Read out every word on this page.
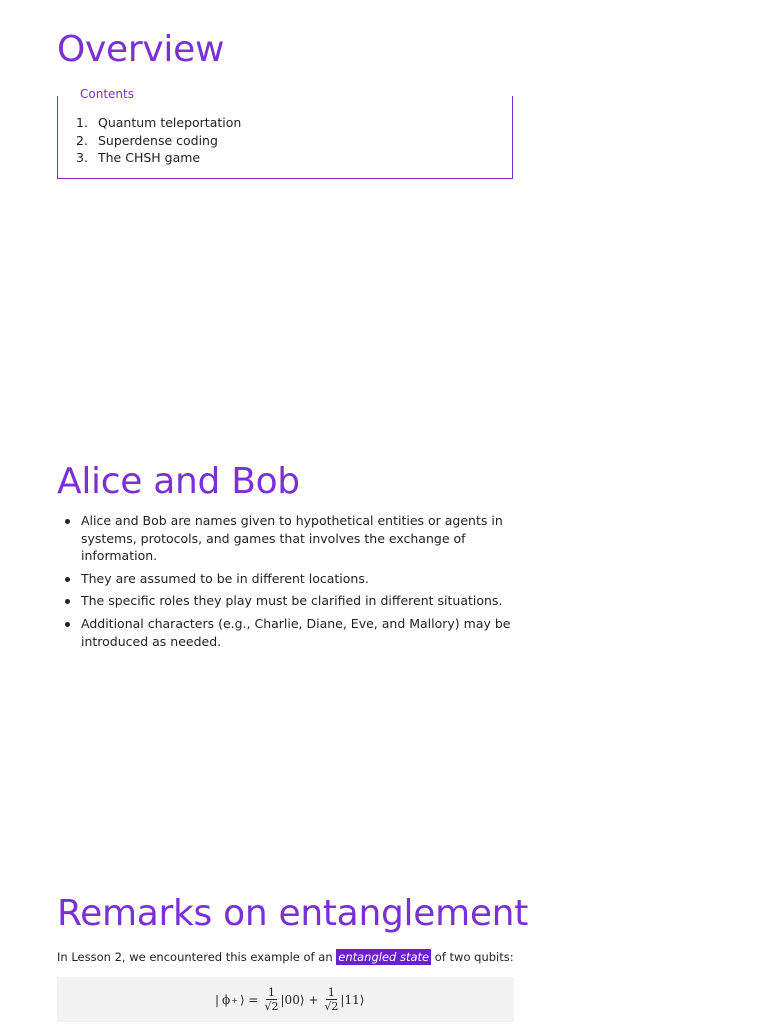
Overview
Contents
1. Quantum teleportation
2. Superdense coding
3. The CHSH game
Alice and Bob
Alice and Bob are names given to hypothetical entities or agents in systems, protocols, and games that involves the exchange of information.
They are assumed to be in different locations.
The specific roles they play must be clarified in different situations.
Additional characters (e.g., Charlie, Diane, Eve, and Mallory) may be introduced as needed.
Remarks on entanglement
In Lesson 2, we encountered this example of an entangled state of two qubits:
| ϕ + ⟩ = $\frac{1}{√2}$ |00⟩ + $\frac{1}{√2}$ |11⟩
